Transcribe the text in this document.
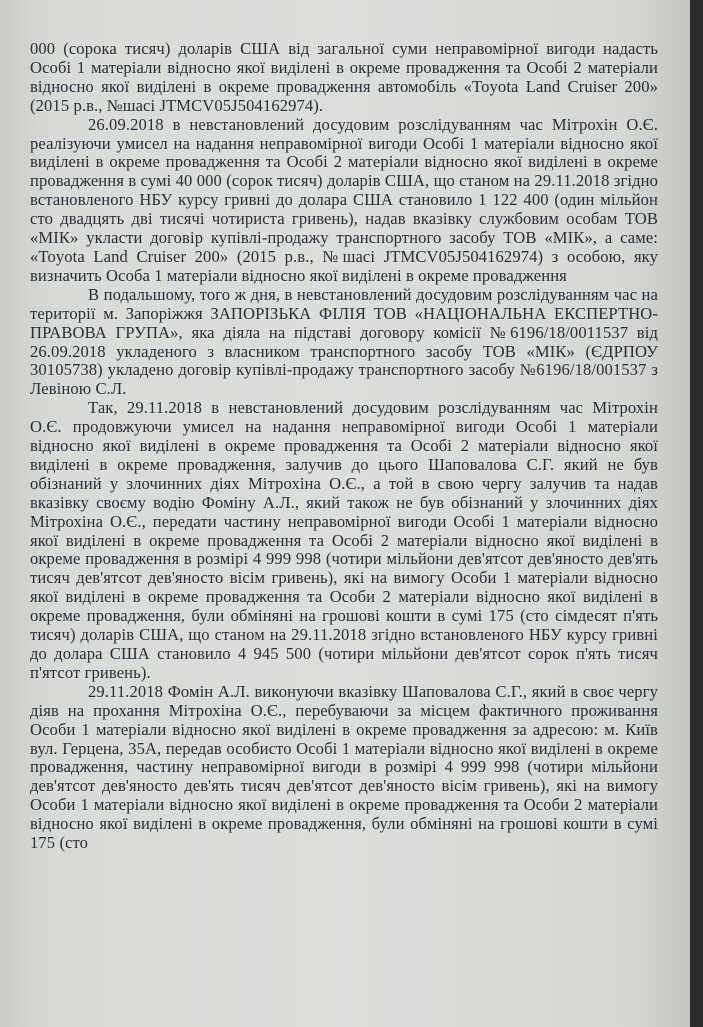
000 (сорока тисяч) доларів США від загальної суми неправомірної вигоди надасть Особі 1 матеріали відносно якої виділені в окреме провадження та Особі 2 матеріали відносно якої виділені в окреме провадження автомобіль «Toyota Land Cruiser 200» (2015 р.в., №шасі JTMCV05J504162974).

26.09.2018 в невстановлений досудовим розслідуванням час Мітрохін О.Є. реалізуючи умисел на надання неправомірної вигоди Особі 1 матеріали відносно якої виділені в окреме провадження та Особі 2 матеріали відносно якої виділені в окреме провадження в сумі 40 000 (сорок тисяч) доларів США, що станом на 29.11.2018 згідно встановленого НБУ курсу гривні до долара США становило 1 122 400 (один мільйон сто двадцять дві тисячі чотириста гривень), надав вказівку службовим особам ТОВ «МІК» укласти договір купівлі-продажу транспортного засобу ТОВ «МІК», а саме: «Toyota Land Cruiser 200» (2015 р.в., №шасі JTMCV05J504162974) з особою, яку визначить Особа 1 матеріали відносно якої виділені в окреме провадження

В подальшому, того ж дня, в невстановлений досудовим розслідуванням час на території м. Запоріжжя ЗАПОРІЗЬКА ФІЛІЯ ТОВ «НАЦІОНАЛЬНА ЕКСПЕРТНО-ПРАВОВА ГРУПА», яка діяла на підставі договору комісії №6196/18/0011537 від 26.09.2018 укладеного з власником транспортного засобу ТОВ «МІК» (ЄДРПОУ 30105738) укладено договір купівлі-продажу транспортного засобу №6196/18/001537 з Левіною С.Л.

Так, 29.11.2018 в невстановлений досудовим розслідуванням час Мітрохін О.Є. продовжуючи умисел на надання неправомірної вигоди Особі 1 матеріали відносно якої виділені в окреме провадження та Особі 2 матеріали відносно якої виділені в окреме провадження, залучив до цього Шаповалова С.Г. який не був обізнаний у злочинних діях Мітрохіна О.Є., а той в свою чергу залучив та надав вказівку своєму водію Фоміну А.Л., який також не був обізнаний у злочинних діях Мітрохіна О.Є., передати частину неправомірної вигоди Особі 1 матеріали відносно якої виділені в окреме провадження та Особі 2 матеріали відносно якої виділені в окреме провадження в розмірі 4 999 998 (чотири мільйони дев'ятсот дев'яносто дев'ять тисяч дев'ятсот дев'яносто вісім гривень), які на вимогу Особи 1 матеріали відносно якої виділені в окреме провадження та Особи 2 матеріали відносно якої виділені в окреме провадження, були обміняні на грошові кошти в сумі 175 (сто сімдесят п'ять тисяч) доларів США, що станом на 29.11.2018 згідно встановленого НБУ курсу гривні до долара США становило 4 945 500 (чотири мільйони дев'ятсот сорок п'ять тисяч п'ятсот гривень).

29.11.2018 Фомін А.Л. виконуючи вказівку Шаповалова С.Г., який в своє чергу діяв на прохання Мітрохіна О.Є., перебуваючи за місцем фактичного проживання Особи 1 матеріали відносно якої виділені в окреме провадження за адресою: м. Київ вул. Герцена, 35А, передав особисто Особі 1 матеріали відносно якої виділені в окреме провадження, частину неправомірної вигоди в розмірі 4 999 998 (чотири мільйони дев'ятсот дев'яносто дев'ять тисяч дев'ятсот дев'яносто вісім гривень), які на вимогу Особи 1 матеріали відносно якої виділені в окреме провадження та Особи 2 матеріали відносно якої виділені в окреме провадження, були обміняні на грошові кошти в сумі 175 (сто
